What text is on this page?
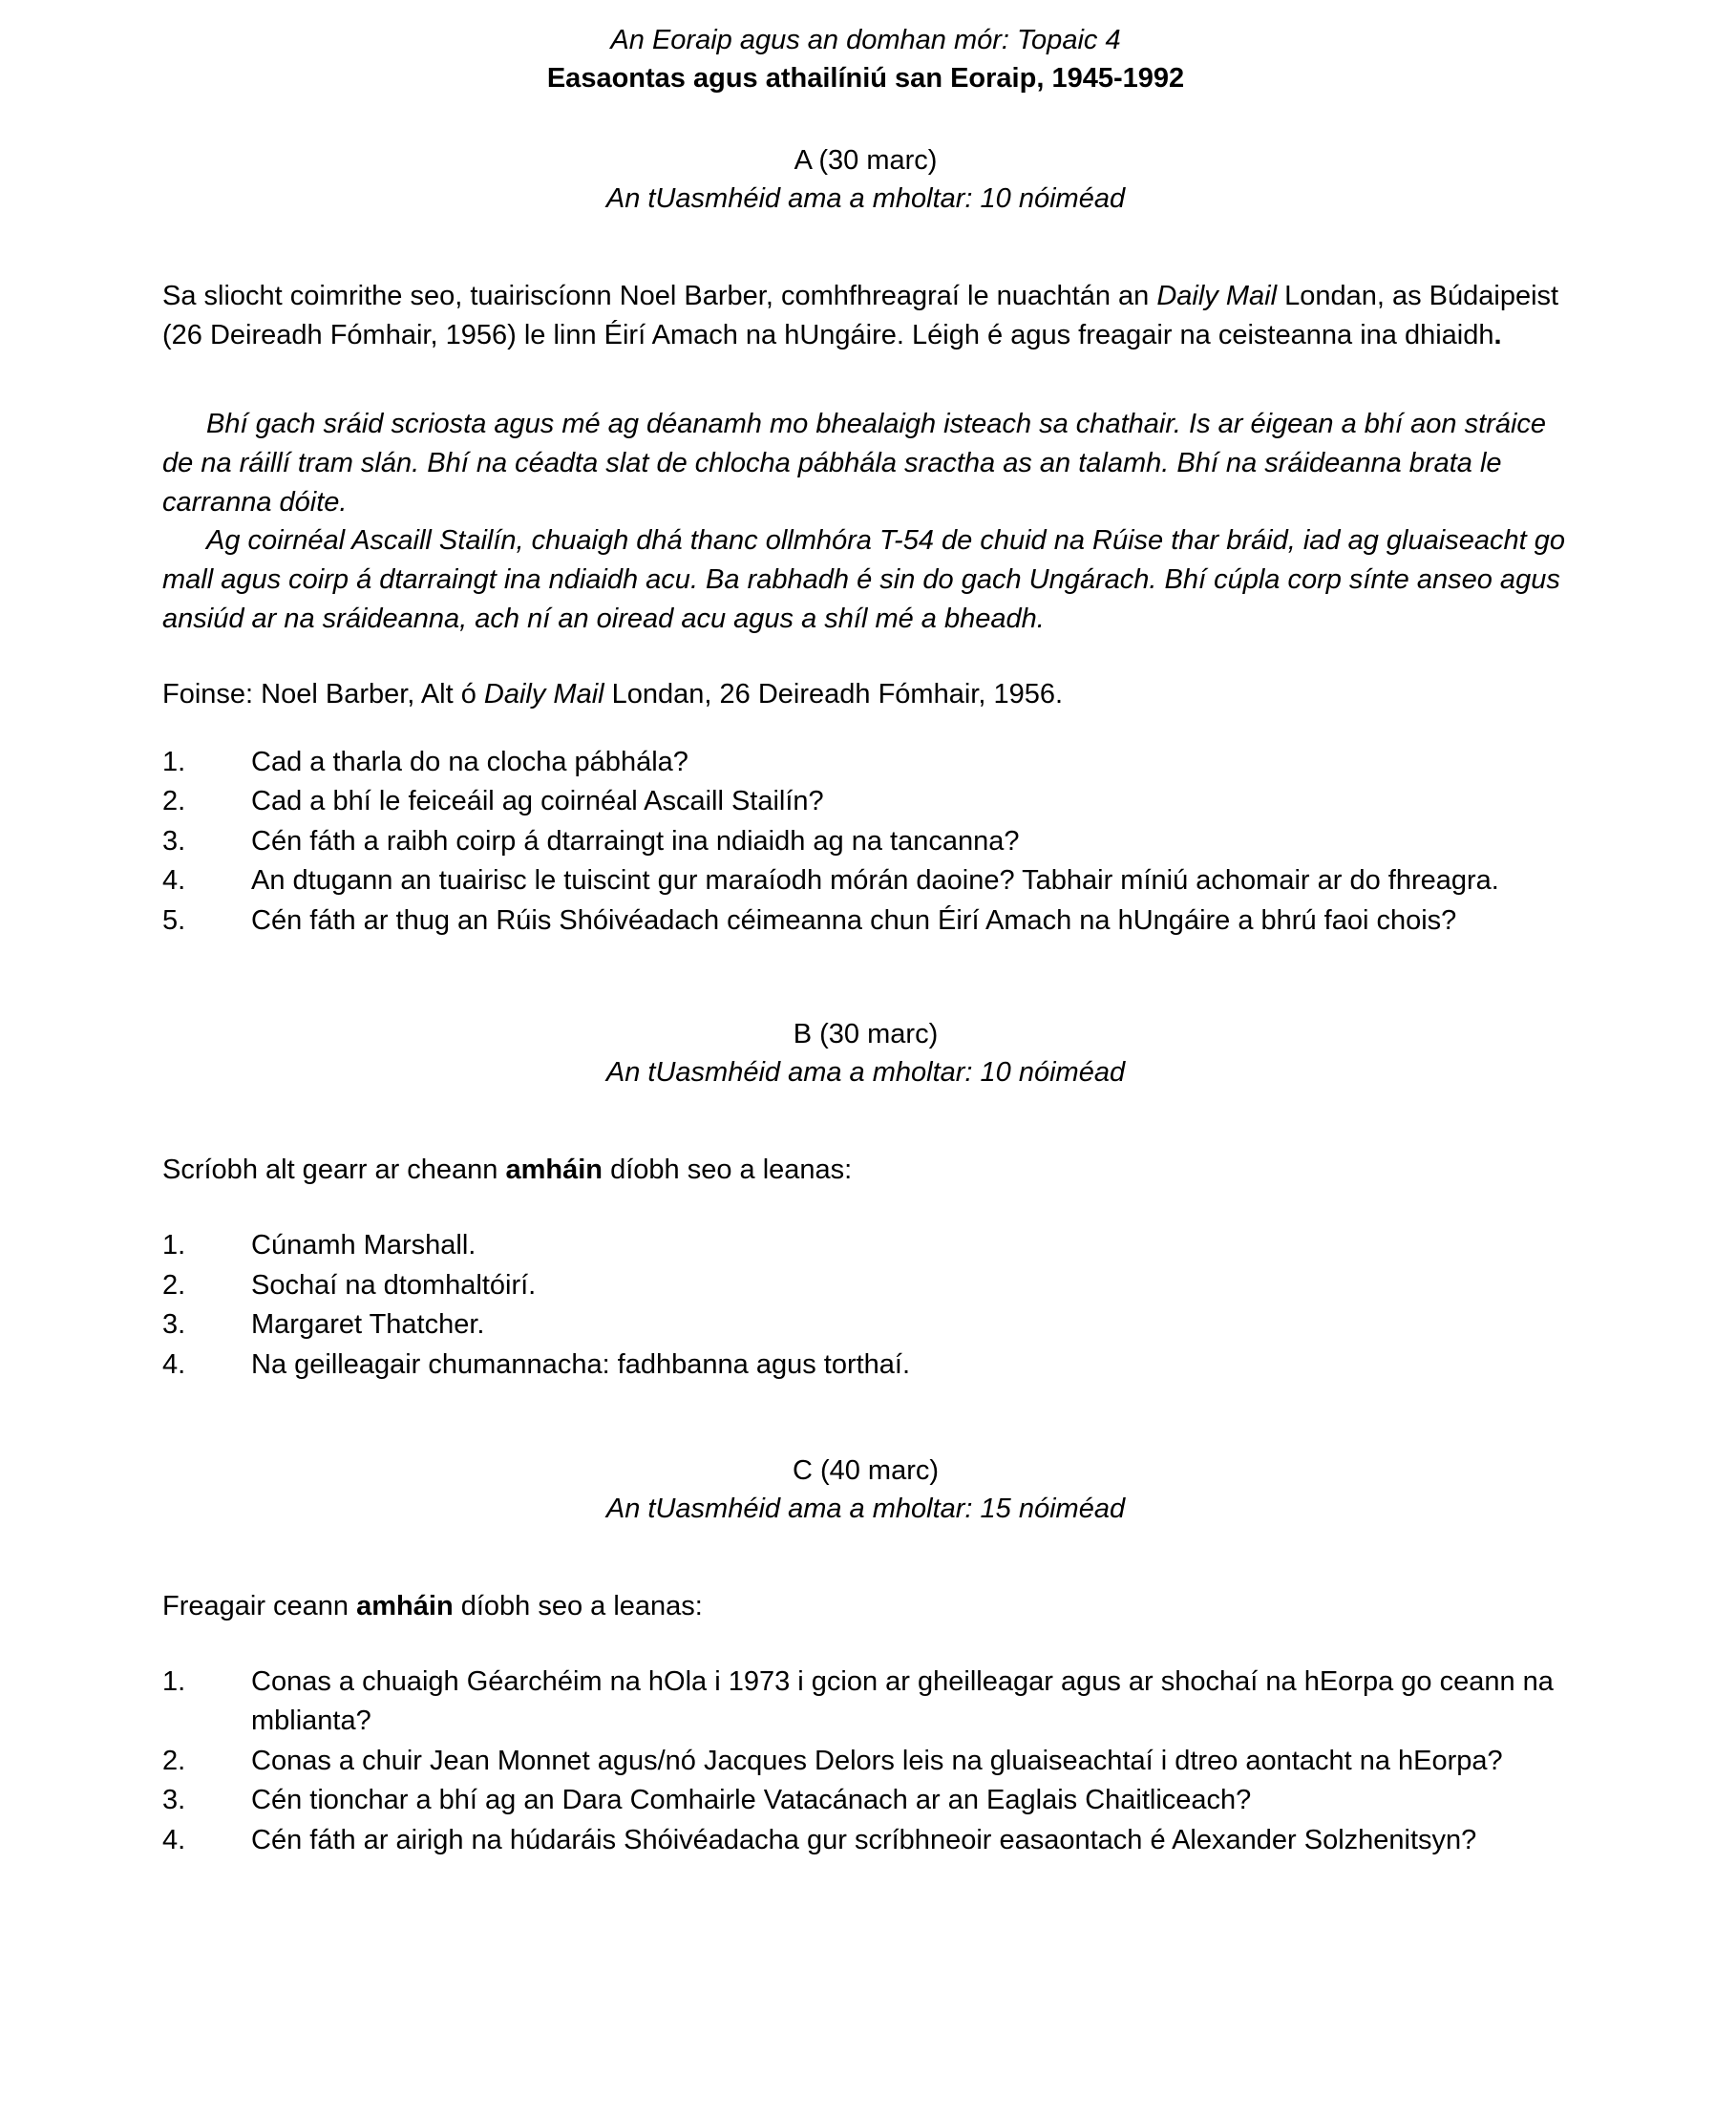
An Eoraip agus an domhan mór: Topaic 4
Easaontas agus athailíniú san Eoraip, 1945-1992
A (30 marc)
An tUasmhéid ama a mholtar: 10 nóiméad

Sa sliocht coimrithe seo, tuairiscíonn Noel Barber, comhfhreagraí le nuachtán an Daily Mail Londan, as Búdaipeist (26 Deireadh Fómhair, 1956) le linn Éirí Amach na hUngáire. Léigh é agus freagair na ceisteanna ina dhiaidh.

Bhí gach sráid scriosta agus mé ag déanamh mo bhealaigh isteach sa chathair. Is ar éigean a bhí aon stráice de na ráillí tram slán. Bhí na céadta slat de chlocha pábhála sractha as an talamh. Bhí na sráideanna brata le carranna dóite.

Ag coirnéal Ascaill Stailín, chuaigh dhá thanc ollmhóra T-54 de chuid na Rúise thar bráid, iad ag gluaiseacht go mall agus coirp á dtarraingt ina ndiaidh acu. Ba rabhadh é sin do gach Ungárach. Bhí cúpla corp sínte anseo agus ansiúd ar na sráideanna, ach ní an oiread acu agus a shíl mé a bheadh.

Foinse: Noel Barber, Alt ó Daily Mail Londan, 26 Deireadh Fómhair, 1956.

1.	Cad a tharla do na clocha pábhála?
2.	Cad a bhí le feiceáil ag coirnéal Ascaill Stailín?
3.	Cén fáth a raibh coirp á dtarraingt ina ndiaidh ag na tancanna?
4.	An dtugann an tuairisc le tuiscint gur maraíodh mórán daoine? Tabhair míniú achomair ar do fhreagra.
5.	Cén fáth ar thug an Rúis Shóivéadach céimeanna chun Éirí Amach na hUngáire a bhrú faoi chois?
B (30 marc)
An tUasmhéid ama a mholtar: 10 nóiméad

Scríobh alt gearr ar cheann amháin díobh seo a leanas:

1.	Cúnamh Marshall.
2.	Sochaí na dtomhaltóirí.
3.	Margaret Thatcher.
4.	Na geilleagair chumannacha: fadhbanna agus torthaí.
C (40 marc)
An tUasmhéid ama a mholtar: 15 nóiméad

Freagair ceann amháin díobh seo a leanas:

1.	Conas a chuaigh Géarchéim na hOla i 1973 i gcion ar gheilleagar agus ar shochaí na hEorpa go ceann na mblianta?
2.	Conas a chuir Jean Monnet agus/nó Jacques Delors leis na gluaiseachtaí i dtreo aontacht na hEorpa?
3.	Cén tionchar a bhí ag an Dara Comhairle Vatacánach ar an Eaglais Chaitliceach?
4.	Cén fáth ar airigh na húdaráis Shóivéadacha gur scríbhneoir easaontach é Alexander Solzhenitsyn?
